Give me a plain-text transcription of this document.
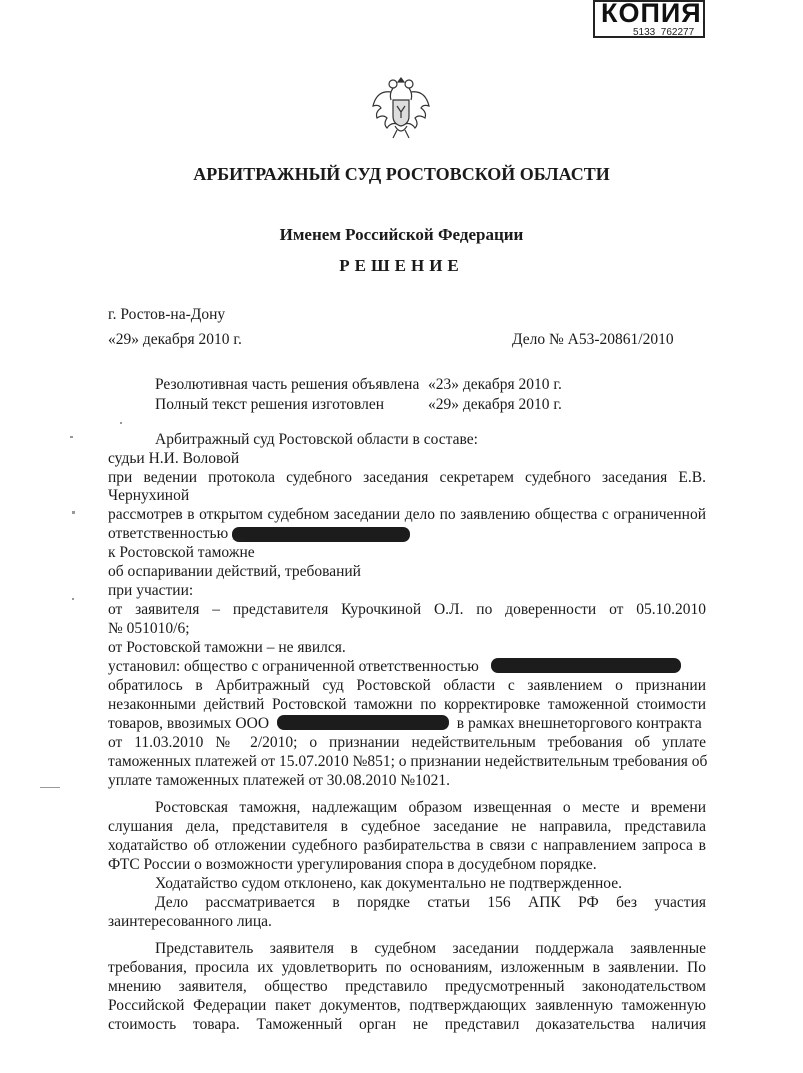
КОПИЯ
5133_762277
АРБИТРАЖНЫЙ СУД РОСТОВСКОЙ ОБЛАСТИ
Именем Российской Федерации
РЕШЕНИЕ
г. Ростов-на-Дону
«29» декабря 2010 г.	Дело № А53-20861/2010
Резолютивная часть решения объявлена «23» декабря 2010 г.
Полный текст решения изготовлен	«29» декабря 2010 г.
Арбитражный суд Ростовской области в составе:
судьи Н.И. Воловой
при ведении протокола судебного заседания секретарем судебного заседания Е.В.
Чернухиной
рассмотрев в открытом судебном заседании дело по заявлению общества с ограниченной
ответственностью	«ОЛЬВЕЙ ПЛАСТХИМ»
к Ростовской таможне
об оспаривании действий, требований
при участии:
от заявителя – представителя Курочкиной О.Л. по доверенности от 05.10.2010
№ 051010/6;
от Ростовской таможни – не явился.
установил: общество с ограниченной ответственностью
обратилось в Арбитражный суд Ростовской области с заявлением о признании
незаконными действий Ростовской таможни по корректировке таможенной стоимости
товаров, ввозимых ООО	в рамках внешнеторгового контракта
от 11.03.2010 № 2/2010; о признании недействительным требования об уплате
таможенных платежей от 15.07.2010 №851; о признании недействительным требования об
уплате таможенных платежей от 30.08.2010 №1021.
Ростовская таможня, надлежащим образом извещенная о месте и времени
слушания дела, представителя в судебное заседание не направила, представила
ходатайство об отложении судебного разбирательства в связи с направлением запроса в
ФТС России о возможности урегулирования спора в досудебном порядке.
Ходатайство судом отклонено, как документально не подтвержденное.
Дело рассматривается в порядке статьи 156 АПК РФ без участия
заинтересованного лица.
Представитель заявителя в судебном заседании поддержала заявленные
требования, просила их удовлетворить по основаниям, изложенным в заявлении. По
мнению заявителя, общество представило предусмотренный законодательством
Российской Федерации пакет документов, подтверждающих заявленную таможенную
стоимость товара. Таможенный орган не представил доказательства наличия
